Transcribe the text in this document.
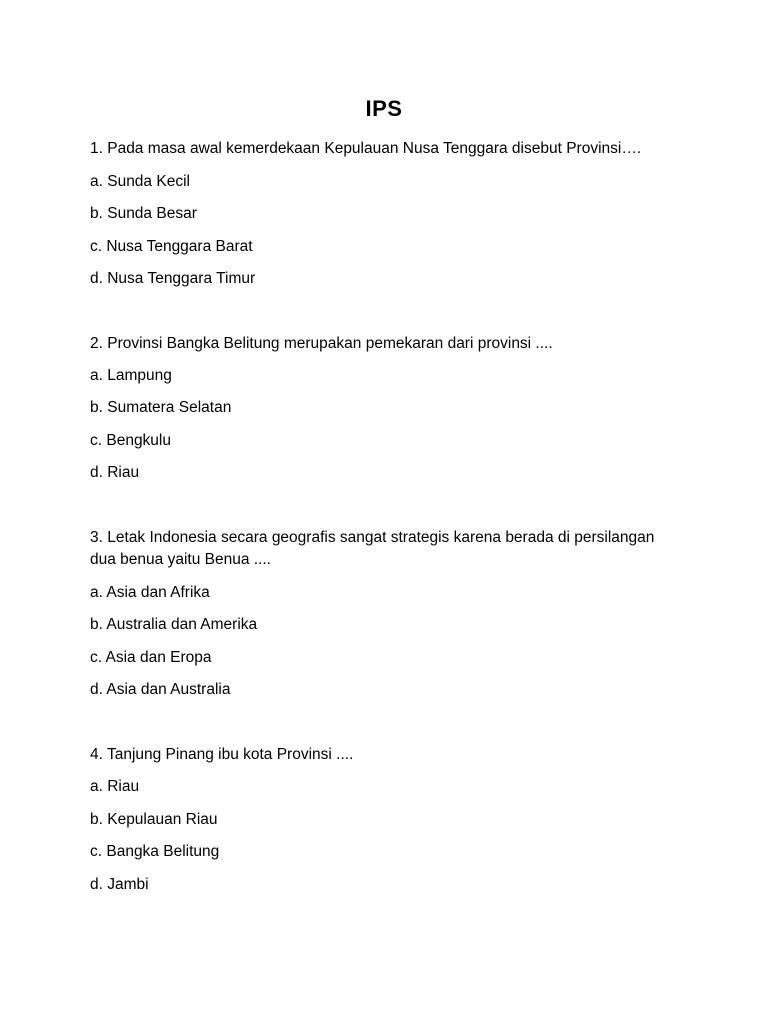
IPS
1. Pada masa awal kemerdekaan Kepulauan Nusa Tenggara disebut Provinsi….
a. Sunda Kecil
b. Sunda Besar
c. Nusa Tenggara Barat
d. Nusa Tenggara Timur
2. Provinsi Bangka Belitung merupakan pemekaran dari provinsi ....
a. Lampung
b. Sumatera Selatan
c. Bengkulu
d. Riau
3. Letak Indonesia secara geografis sangat strategis karena berada di persilangan
dua benua yaitu Benua ....
a. Asia dan Afrika
b. Australia dan Amerika
c. Asia dan Eropa
d. Asia dan Australia
4. Tanjung Pinang ibu kota Provinsi ....
a. Riau
b. Kepulauan Riau
c. Bangka Belitung
d. Jambi
